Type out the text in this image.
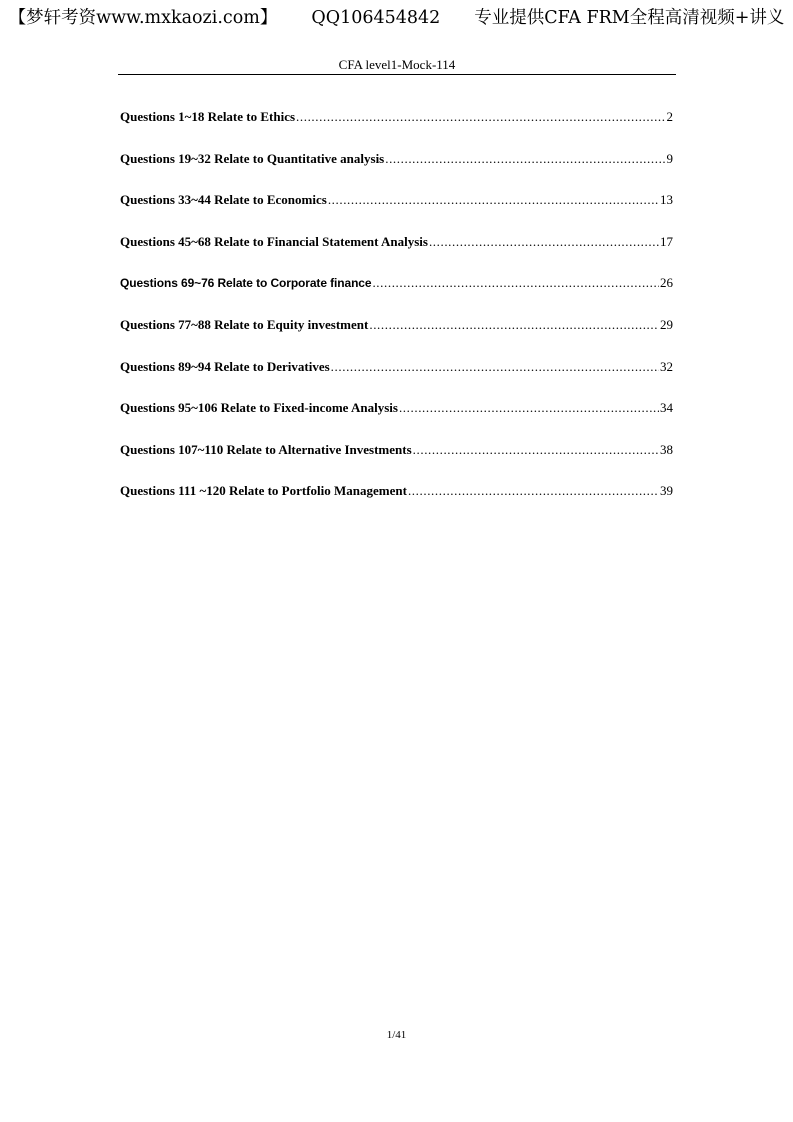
【梦轩考资www.mxkaozi.com】 QQ106454842 专业提供CFA FRM全程高清视频+讲义
CFA level1-Mock-114
Questions 1~18 Relate to Ethics .....	2
Questions 19~32 Relate to Quantitative analysis .....	9
Questions 33~44 Relate to Economics .....	13
Questions 45~68 Relate to Financial Statement Analysis .....	17
Questions 69~76 Relate to Corporate finance .....	26
Questions 77~88 Relate to Equity investment .....	29
Questions 89~94 Relate to Derivatives .....	32
Questions 95~106 Relate to Fixed-income Analysis .....	34
Questions 107~110 Relate to Alternative Investments .....	38
Questions 111 ~120 Relate to Portfolio Management .....	39
1/41
